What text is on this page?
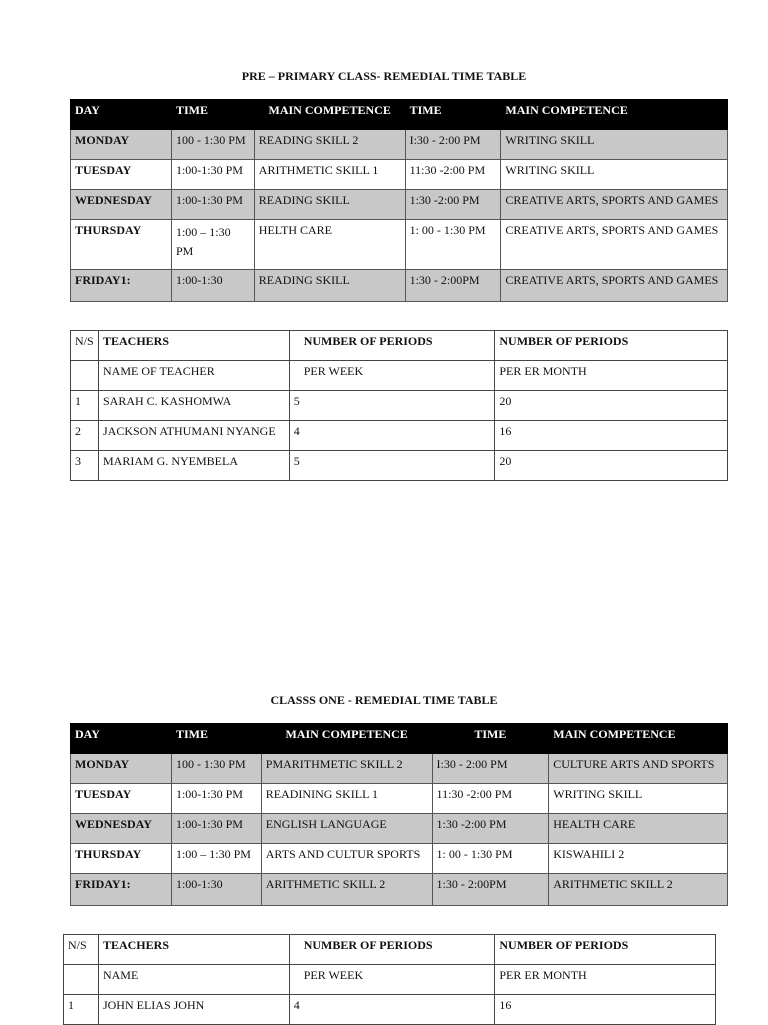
PRE – PRIMARY CLASS- REMEDIAL TIME TABLE
DAY	TIME	MAIN COMPETENCE	TIME	MAIN COMPETENCE
MONDAY	100 - 1:30 PM	READING SKILL 2	I:30 - 2:00 PM	WRITING SKILL
TUESDAY	1:00-1:30 PM	ARITHMETIC SKILL 1	11:30 -2:00 PM	WRITING SKILL
WEDNESDAY	1:00-1:30 PM	READING SKILL	1:30 -2:00 PM	CREATIVE ARTS, SPORTS AND GAMES
THURSDAY	1:00 – 1:30 PM	HELTH CARE	1: 00 - 1:30 PM	CREATIVE ARTS, SPORTS AND GAMES
FRIDAY1:	1:00-1:30	READING SKILL	1:30 - 2:00PM	CREATIVE ARTS, SPORTS AND GAMES
N/S	TEACHERS	NUMBER OF PERIODS	NUMBER OF PERIODS
	NAME OF TEACHER	PER WEEK	PER ER MONTH
1	SARAH C. KASHOMWA	5	20
2	JACKSON ATHUMANI NYANGE	4	16
3	MARIAM G. NYEMBELA	5	20
CLASSS ONE - REMEDIAL TIME TABLE
DAY	TIME	MAIN COMPETENCE	TIME	MAIN COMPETENCE
MONDAY	100 - 1:30 PM	PMARITHMETIC SKILL 2	I:30 - 2:00 PM	CULTURE ARTS AND SPORTS
TUESDAY	1:00-1:30 PM	READINING SKILL 1	11:30 -2:00 PM	WRITING SKILL
WEDNESDAY	1:00-1:30 PM	ENGLISH LANGUAGE	1:30 -2:00 PM	HEALTH CARE
THURSDAY	1:00 – 1:30 PM	ARTS AND CULTUR SPORTS	1: 00 - 1:30 PM	KISWAHILI 2
FRIDAY1:	1:00-1:30	ARITHMETIC SKILL 2	1:30 - 2:00PM	ARITHMETIC SKILL 2
N/S	TEACHERS	NUMBER OF PERIODS	NUMBER OF PERIODS
	NAME	PER WEEK	PER ER MONTH
1	JOHN ELIAS JOHN	4	16
